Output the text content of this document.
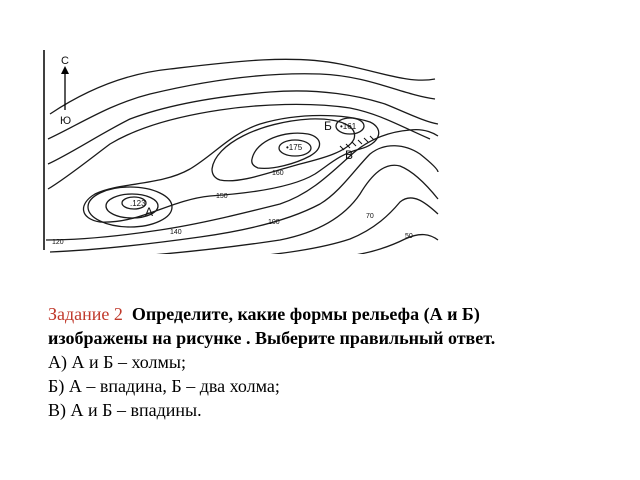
С
Ю
А
Б
В
.123
•175
•161
150
160
140
100
70
50
120
Задание 2 Определите, какие формы рельефа (А и Б)
изображены на рисунке . Выберите правильный ответ.
А) А и Б – холмы;
Б) А – впадина, Б – два холма;
В) А и Б – впадины.
